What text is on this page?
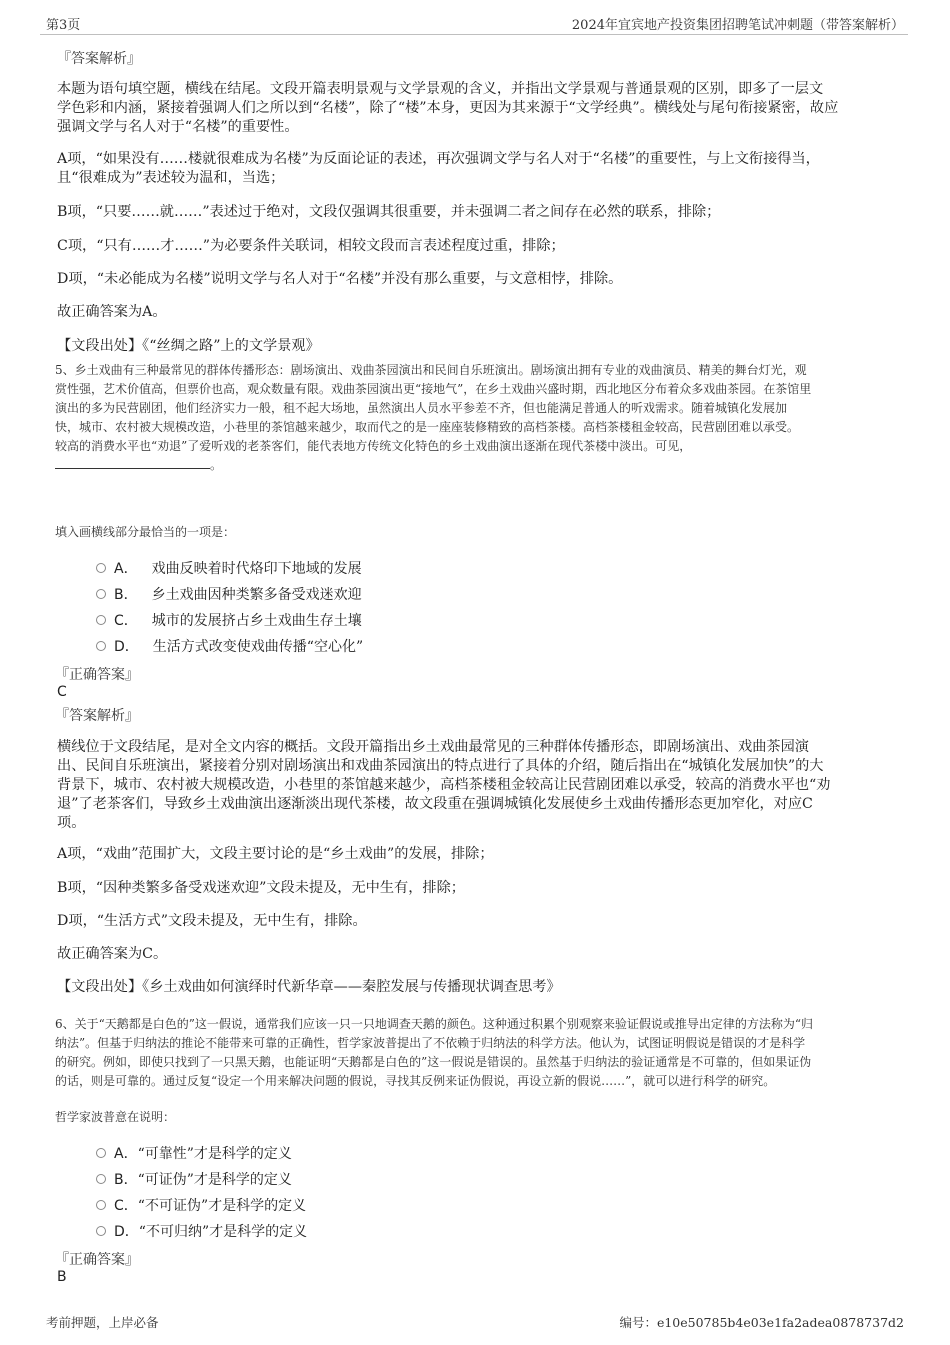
第3页	2024年宜宾地产投资集团招聘笔试冲刺题（带答案解析）

『答案解析』

本题为语句填空题，横线在结尾。文段开篇表明景观与文学景观的含义，并指出文学景观与普通景观的区别，即多了一层文

学色彩和内涵，紧接着强调人们之所以到“名楼”，除了“楼”本身，更因为其来源于“文学经典”。横线处与尾句衔接紧密，故应

强调文学与名人对于“名楼”的重要性。

A项，“如果没有……楼就很难成为名楼”为反面论证的表述，再次强调文学与名人对于“名楼”的重要性，与上文衔接得当，

且“很难成为”表述较为温和，当选；

B项，“只要……就……”表述过于绝对，文段仅强调其很重要，并未强调二者之间存在必然的联系，排除；

C项，“只有……才……”为必要条件关联词，相较文段而言表述程度过重，排除；

D项，“未必能成为名楼”说明文学与名人对于“名楼”并没有那么重要，与文意相悖，排除。

故正确答案为A。

【文段出处】《“丝绸之路”上的文学景观》

5、乡土戏曲有三种最常见的群体传播形态：剧场演出、戏曲茶园演出和民间自乐班演出。剧场演出拥有专业的戏曲演员、精美的舞台灯光，观

赏性强，艺术价值高，但票价也高，观众数量有限。戏曲茶园演出更“接地气”，在乡土戏曲兴盛时期，西北地区分布着众多戏曲茶园。在茶馆里

演出的多为民营剧团，他们经济实力一般，租不起大场地，虽然演出人员水平参差不齐，但也能满足普通人的听戏需求。随着城镇化发展加

快，城市、农村被大规模改造，小巷里的茶馆越来越少，取而代之的是一座座装修精致的高档茶楼。高档茶楼租金较高，民营剧团难以承受。

较高的消费水平也“劝退”了爱听戏的老茶客们，能代表地方传统文化特色的乡土戏曲演出逐渐在现代茶楼中淡出。可见，

。

填入画横线部分最恰当的一项是：

A． 戏曲反映着时代烙印下地域的发展
B． 乡土戏曲因种类繁多备受戏迷欢迎
C． 城市的发展挤占乡土戏曲生存土壤
D． 生活方式改变使戏曲传播“空心化”

『正确答案』

C

『答案解析』

横线位于文段结尾，是对全文内容的概括。文段开篇指出乡土戏曲最常见的三种群体传播形态，即剧场演出、戏曲茶园演

出、民间自乐班演出，紧接着分别对剧场演出和戏曲茶园演出的特点进行了具体的介绍，随后指出在“城镇化发展加快”的大

背景下，城市、农村被大规模改造，小巷里的茶馆越来越少，高档茶楼租金较高让民营剧团难以承受，较高的消费水平也“劝

退”了老茶客们，导致乡土戏曲演出逐渐淡出现代茶楼，故文段重在强调城镇化发展使乡土戏曲传播形态更加窄化，对应C

项。

A项，“戏曲”范围扩大，文段主要讨论的是“乡土戏曲”的发展，排除；

B项，“因种类繁多备受戏迷欢迎”文段未提及，无中生有，排除；

D项，“生活方式”文段未提及，无中生有，排除。

故正确答案为C。

【文段出处】《乡土戏曲如何演绎时代新华章——秦腔发展与传播现状调查思考》

6、关于“天鹅都是白色的”这一假说，通常我们应该一只一只地调查天鹅的颜色。这种通过积累个别观察来验证假说或推导出定律的方法称为“归

纳法”。但基于归纳法的推论不能带来可靠的正确性，哲学家波普提出了不依赖于归纳法的科学方法。他认为，试图证明假说是错误的才是科学

的研究。例如，即使只找到了一只黑天鹅，也能证明“天鹅都是白色的”这一假说是错误的。虽然基于归纳法的验证通常是不可靠的，但如果证伪

的话，则是可靠的。通过反复“设定一个用来解决问题的假说，寻找其反例来证伪假说，再设立新的假说……”，就可以进行科学的研究。

哲学家波普意在说明：

A．“可靠性”才是科学的定义
B．“可证伪”才是科学的定义
C．“不可证伪”才是科学的定义
D．“不可归纳”才是科学的定义

『正确答案』

B

考前押题，上岸必备	编号：e10e50785b4e03e1fa2adea0878737d2
